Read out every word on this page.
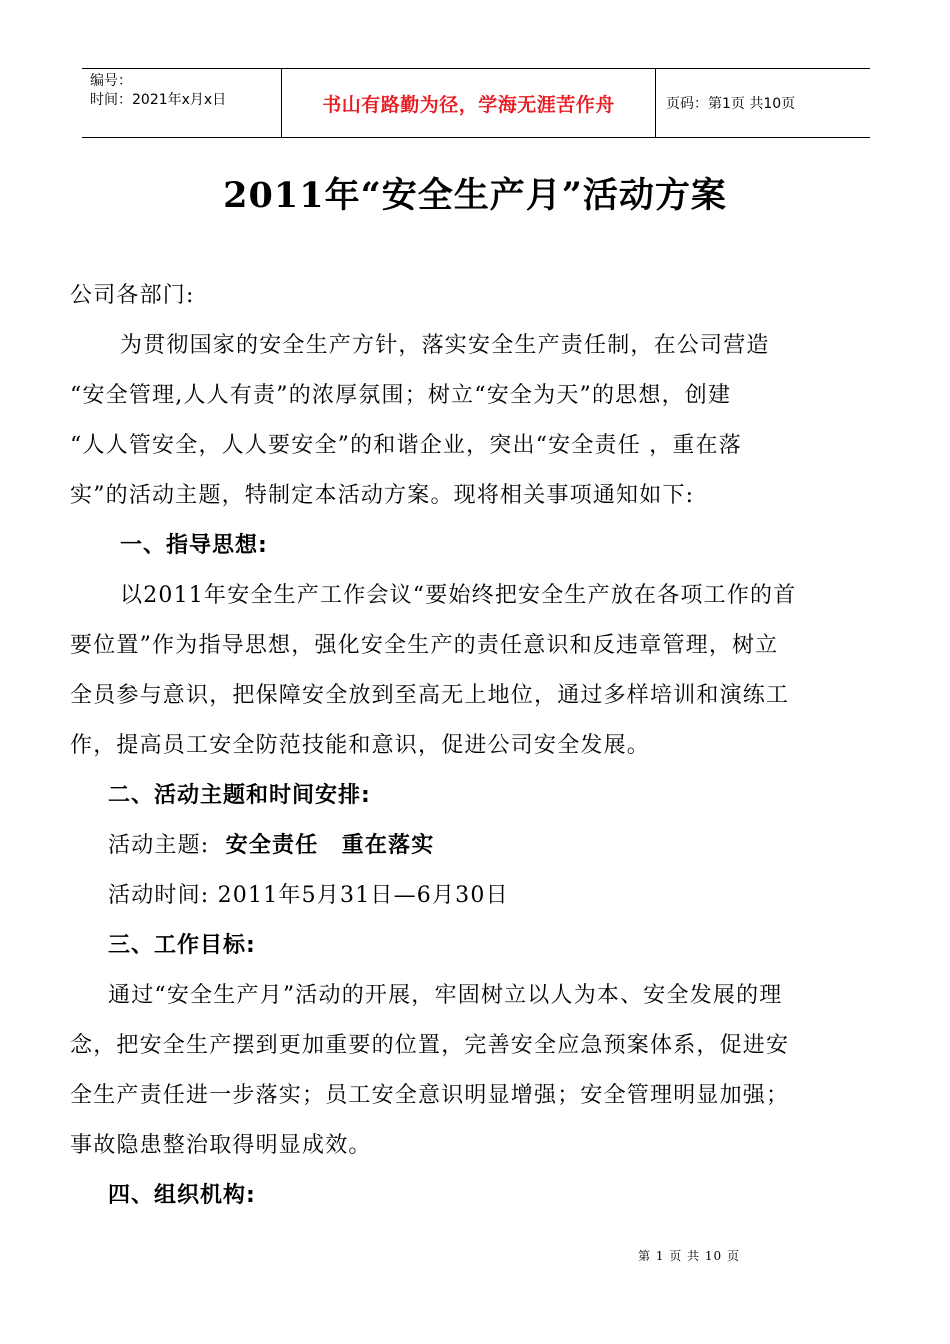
编号：
时间：2021年x月x日	书山有路勤为径，学海无涯苦作舟	页码：第1页 共10页
2011年“安全生产月”活动方案
公司各部门:
为贯彻国家的安全生产方针，落实安全生产责任制，在公司营造
“安全管理,人人有责”的浓厚氛围；树立“安全为天”的思想，创建
“人人管安全，人人要安全”的和谐企业，突出“安全责任 ，重在落
实”的活动主题，特制定本活动方案。现将相关事项通知如下:
一、指导思想:
以2011年安全生产工作会议“要始终把安全生产放在各项工作的首
要位置”作为指导思想，强化安全生产的责任意识和反违章管理，树立
全员参与意识，把保障安全放到至高无上地位，通过多样培训和演练工
作，提高员工安全防范技能和意识，促进公司安全发展。
二、活动主题和时间安排:
活动主题: 安全责任　重在落实
活动时间: 2011年5月31日—6月30日
三、工作目标:
通过“安全生产月”活动的开展，牢固树立以人为本、安全发展的理
念，把安全生产摆到更加重要的位置，完善安全应急预案体系，促进安
全生产责任进一步落实；员工安全意识明显增强；安全管理明显加强；
事故隐患整治取得明显成效。
四、组织机构:
第 1 页 共 10 页
